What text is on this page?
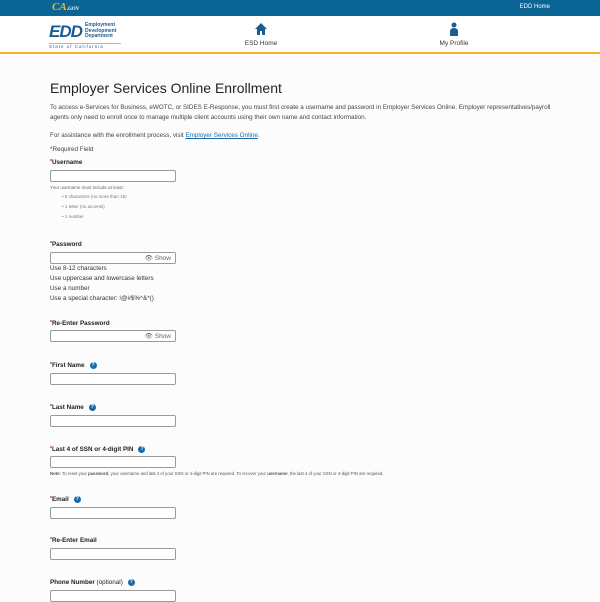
CA.GOV	EDD Home
EDD Employment
Development
Department
State of California	ESD Home	My Profile
Employer Services Online Enrollment
To access e-Services for Business, eWOTC, or SIDES E-Response, you must first create a username and password in Employer Services Online. Employer representatives/payroll agents only need to enroll once to manage multiple client accounts using their own name and contact information.
For assistance with the enrollment process, visit Employer Services Online.
*Required Field
*Username
Your username must include at least:
• 8 characters (no more than 15)
• 1 letter (no accents)
• 1 number
*Password
👁 Show
Use 8-12 characters
Use uppercase and lowercase letters
Use a number
Use a special character: !@#$%^&*()
*Re-Enter Password
👁 Show
*First Name ?
*Last Name ?
*Last 4 of SSN or 4-digit PIN ?
Note: To reset your password, your username and last 4 of your SSN or 4-digit PIN are required. To recover your username, the last 4 of your SSN or 4-digit PIN are required.
*Email ?
*Re-Enter Email
Phone Number (optional) ?
